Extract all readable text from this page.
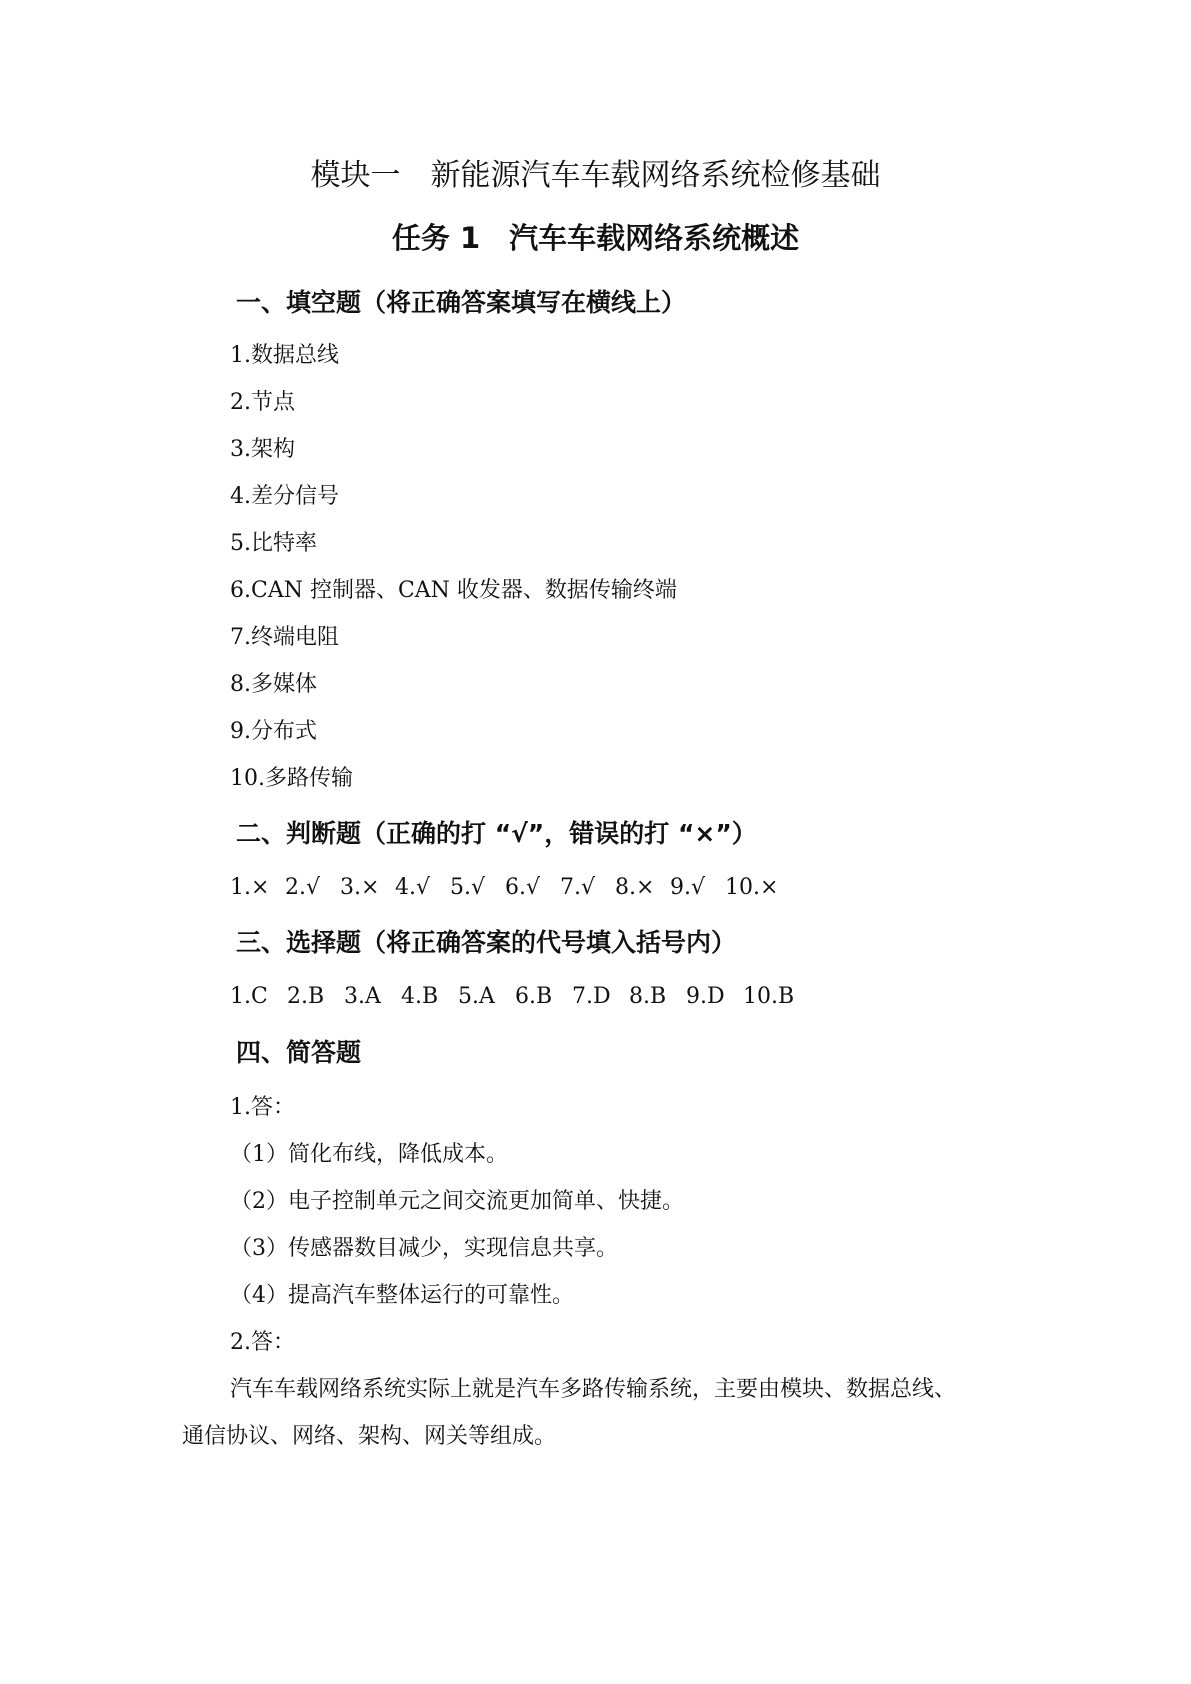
模块一　新能源汽车车载网络系统检修基础
任务 1　汽车车载网络系统概述
一、填空题（将正确答案填写在横线上）
1.数据总线
2.节点
3.架构
4.差分信号
5.比特率
6.CAN 控制器、CAN 收发器、数据传输终端
7.终端电阻
8.多媒体
9.分布式
10.多路传输
二、判断题（正确的打 “√”，错误的打 “×”）
1.× 2.√ 3.× 4.√ 5.√ 6.√ 7.√ 8.× 9.√ 10.×
三、选择题（将正确答案的代号填入括号内）
1.C 2.B 3.A 4.B 5.A 6.B 7.D 8.B 9.D 10.B
四、简答题
1.答：
（1）简化布线，降低成本。
（2）电子控制单元之间交流更加简单、快捷。
（3）传感器数目减少，实现信息共享。
（4）提高汽车整体运行的可靠性。
2.答：
汽车车载网络系统实际上就是汽车多路传输系统，主要由模块、数据总线、
通信协议、网络、架构、网关等组成。
